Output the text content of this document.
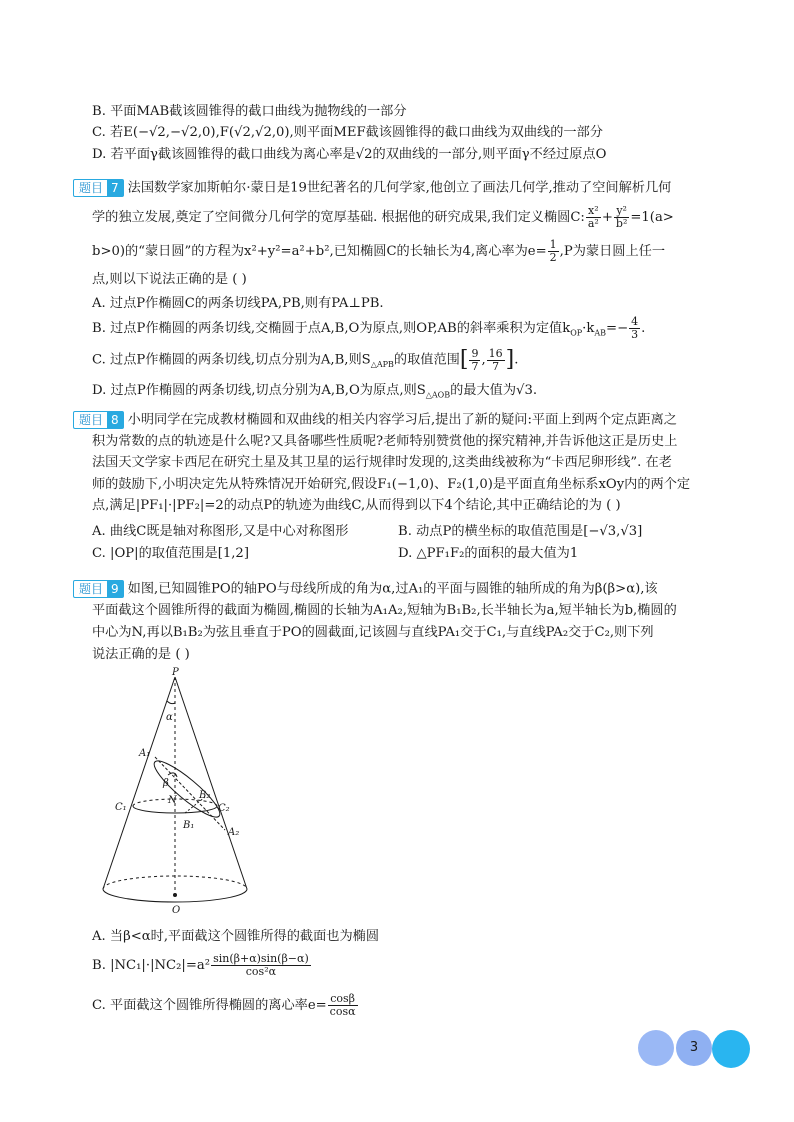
B. 平面MAB截该圆锥得的截口曲线为抛物线的一部分
C. 若E(−√2,−√2,0),F(√2,√2,0),则平面MEF截该圆锥得的截口曲线为双曲线的一部分
D. 若平面γ截该圆锥得的截口曲线为离心率是√2的双曲线的一部分,则平面γ不经过原点O
题目 7 法国数学家加斯帕尔·蒙日是19世纪著名的几何学家,他创立了画法几何学,推动了空间解析几何
学的独立发展,奠定了空间微分几何学的宽厚基础. 根据他的研究成果,我们定义椭圆C: $\frac{\text{x²}}{\text{a²}} + \frac{\text{y²}}{\text{b²}} =1(a>$
b>0)的“蒙日圆”的方程为x²+y²=a²+b²,已知椭圆C的长轴长为4,离心率为$e= \frac{1}{2} ,P$为蒙日圆上任一
点,则以下说法正确的是 ( )
A. 过点P作椭圆C的两条切线PA,PB,则有PA⊥PB.
B. 过点P作椭圆的两条切线,交椭圆于点A,B,O为原点,则OP,AB的斜率乘积为定值$k_{OP}\cdot k_{AB}=- \frac{4}{3}$ .
C. 过点P作椭圆的两条切线,切点分别为A,B,则$S_{\triangle APB}$的取值范围[ $\frac{9}{7}$ , $\frac{16}{7}$ ].
D. 过点P作椭圆的两条切线,切点分别为A,B,O为原点,则$S_{\triangle AOB}$的最大值为√3.
题目 8 小明同学在完成教材椭圆和双曲线的相关内容学习后,提出了新的疑问:平面上到两个定点距离之
积为常数的点的轨迹是什么呢?又具备哪些性质呢?老师特别赞赏他的探究精神,并告诉他这正是历史上
法国天文学家卡西尼在研究土星及其卫星的运行规律时发现的,这类曲线被称为“卡西尼卵形线”. 在老
师的鼓励下,小明决定先从特殊情况开始研究,假设F₁(−1,0)、F₂(1,0)是平面直角坐标系xOy内的两个定
点,满足|PF₁|·|PF₂|=2的动点P的轨迹为曲线C,从而得到以下4个结论,其中正确结论的为 ( )
A. 曲线C既是轴对称图形,又是中心对称图形	B. 动点P的横坐标的取值范围是[−√3,√3]
C. |OP|的取值范围是[1,2]	D. △PF₁F₂的面积的最大值为1
题目 9 如图,已知圆锥PO的轴PO与母线所成的角为α,过A₁的平面与圆锥的轴所成的角为β(β>α),该
平面截这个圆锥所得的截面为椭圆,椭圆的长轴为A₁A₂,短轴为B₁B₂,长半轴长为a,短半轴长为b,椭圆的
中心为N,再以B₁B₂为弦且垂直于PO的圆截面,记该圆与直线PA₁交于C₁,与直线PA₂交于C₂,则下列
说法正确的是 ( )
P
α
A₁
β
N
C₁
B₂
C₂
B₁
A₂
O
A. 当β<α时,平面截这个圆锥所得的截面也为椭圆
B. $|NC_1|\cdot|NC_2|=a^2 \frac{\sin(\beta+\alpha)\sin(\beta-\alpha)}{\text{cos²α}}$
C. 平面截这个圆锥所得椭圆的离心率$e= \frac{\cos\beta}{\cos\alpha}$
3
